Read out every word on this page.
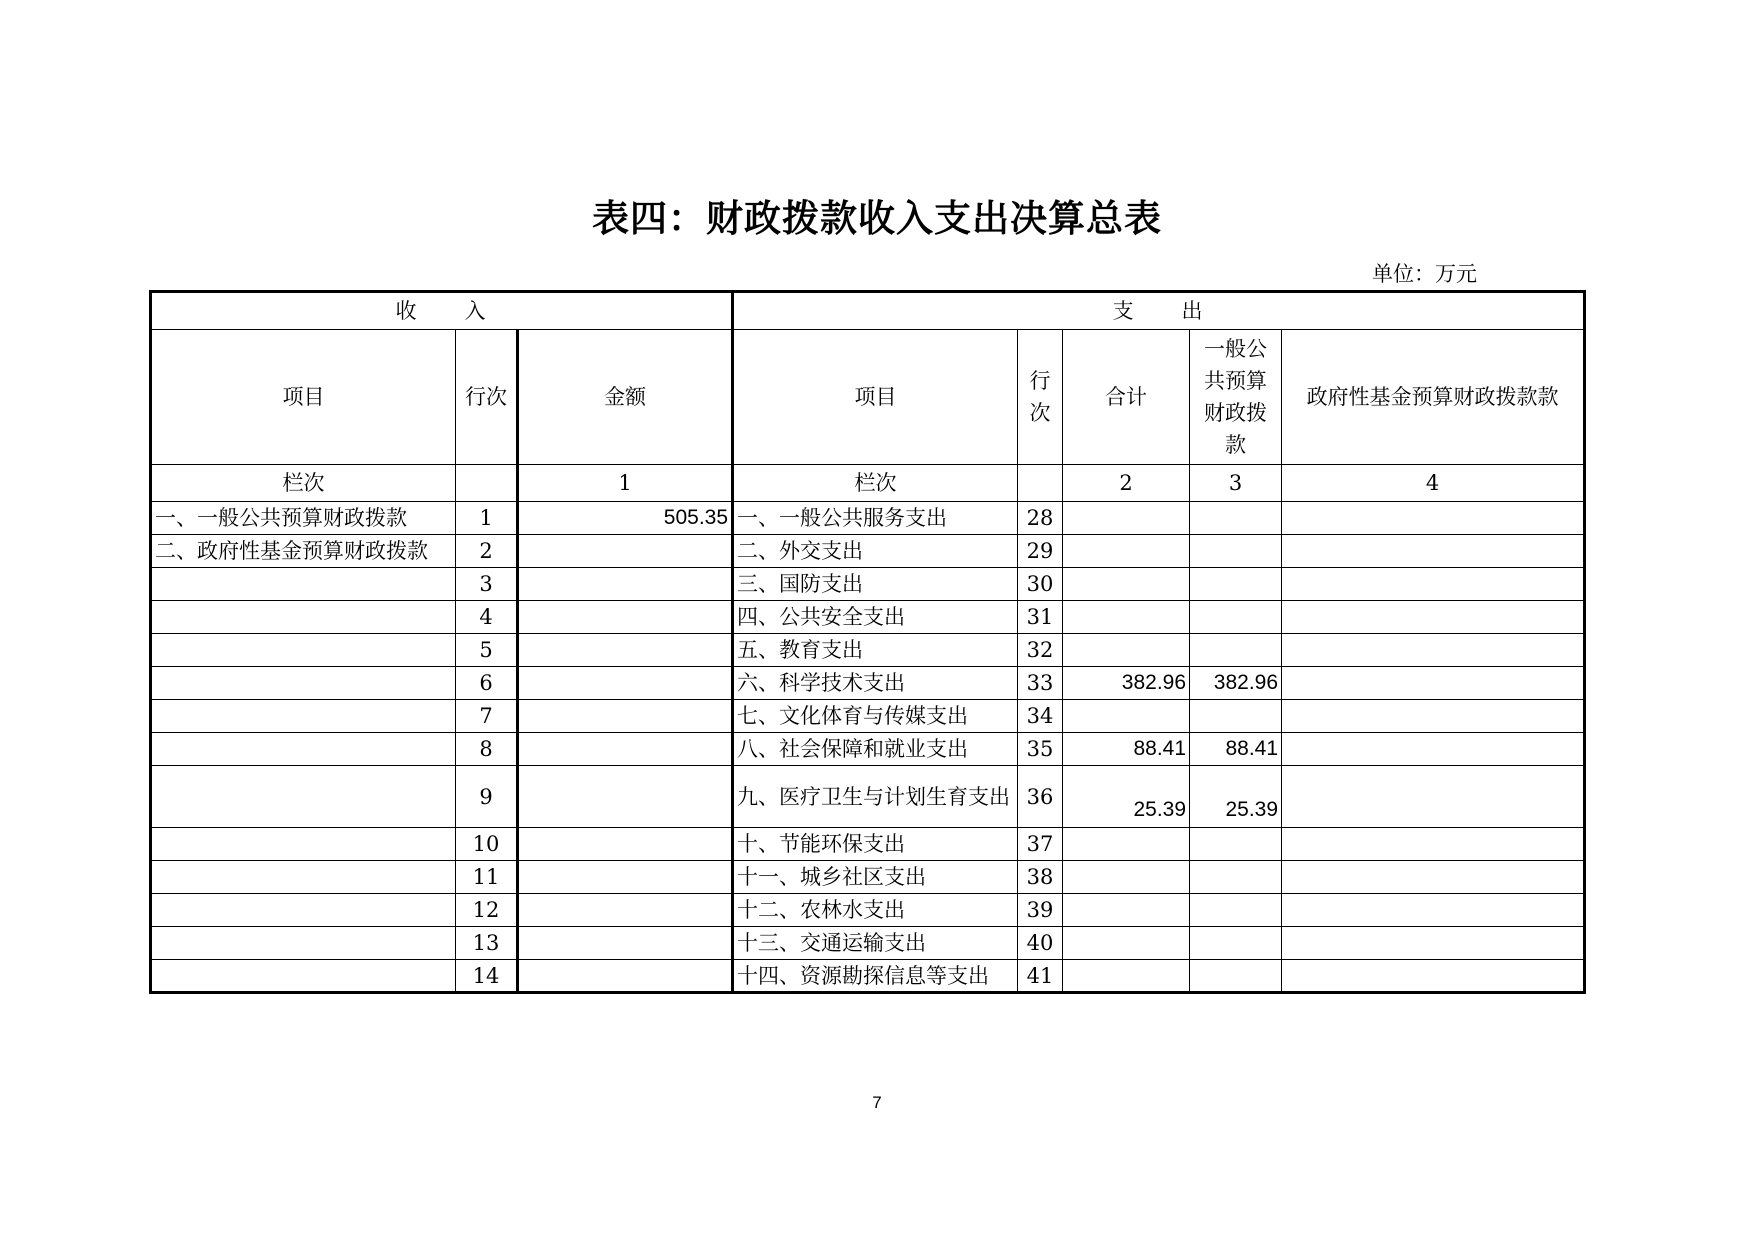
表四：财政拨款收入支出决算总表
单位：万元
收　　入			支　　出				
项目	行次	金额	项目	行次	合计	一般公共预算财政拨款	政府性基金预算财政拨款款
栏次		1	栏次		2	3	4
一、一般公共预算财政拨款	1	505.35	一、一般公共服务支出	28			
二、政府性基金预算财政拨款	2		二、外交支出	29			
	3		三、国防支出	30			
	4		四、公共安全支出	31			
	5		五、教育支出	32			
	6		六、科学技术支出	33	382.96	382.96	
	7		七、文化体育与传媒支出	34			
	8		八、社会保障和就业支出	35	88.41	88.41	
	9		九、医疗卫生与计划生育支出	36	25.39	25.39	
	10		十、节能环保支出	37			
	11		十一、城乡社区支出	38			
	12		十二、农林水支出	39			
	13		十三、交通运输支出	40			
	14		十四、资源勘探信息等支出	41			
7
